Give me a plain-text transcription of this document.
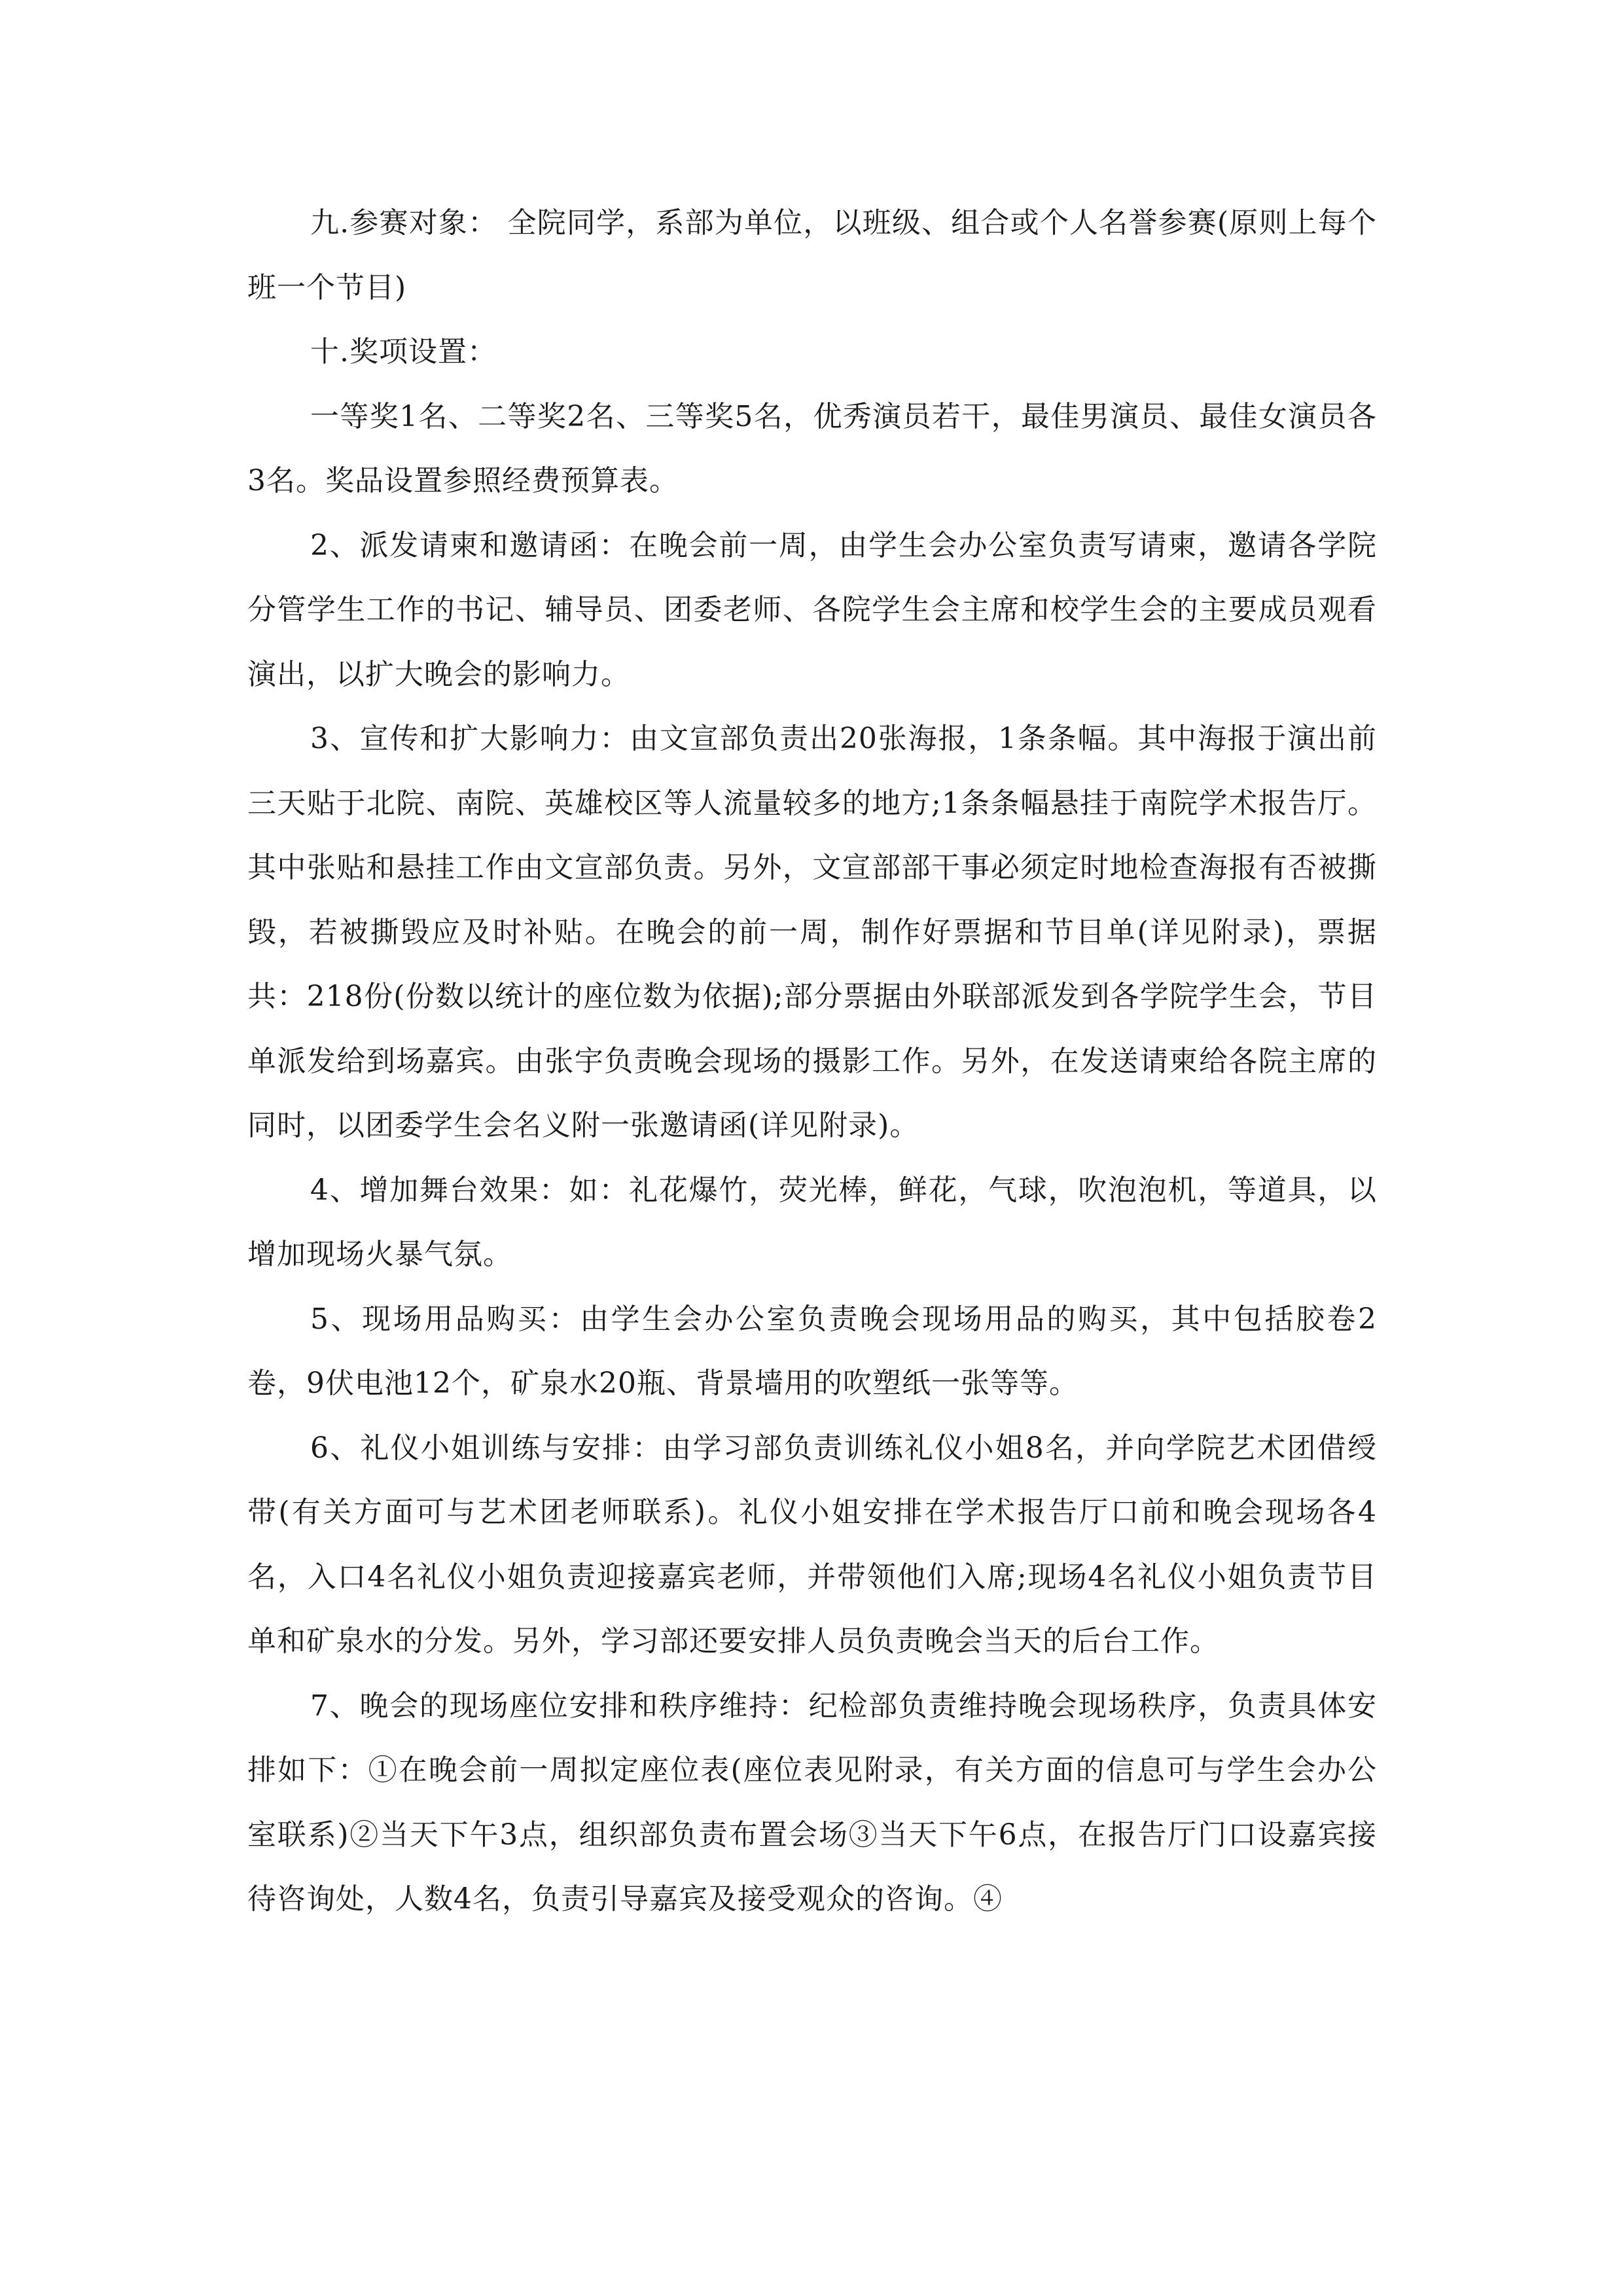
九.参赛对象： 全院同学，系部为单位，以班级、组合或个人名誉参赛(原则上每个班一个节目)

十.奖项设置：

一等奖1名、二等奖2名、三等奖5名，优秀演员若干，最佳男演员、最佳女演员各3名。奖品设置参照经费预算表。

2、派发请柬和邀请函：在晚会前一周，由学生会办公室负责写请柬，邀请各学院分管学生工作的书记、辅导员、团委老师、各院学生会主席和校学生会的主要成员观看演出，以扩大晚会的影响力。

3、宣传和扩大影响力：由文宣部负责出20张海报，1条条幅。其中海报于演出前三天贴于北院、南院、英雄校区等人流量较多的地方;1条条幅悬挂于南院学术报告厅。其中张贴和悬挂工作由文宣部负责。另外，文宣部部干事必须定时地检查海报有否被撕毁，若被撕毁应及时补贴。在晚会的前一周，制作好票据和节目单(详见附录)，票据共：218份(份数以统计的座位数为依据);部分票据由外联部派发到各学院学生会，节目单派发给到场嘉宾。由张宇负责晚会现场的摄影工作。另外，在发送请柬给各院主席的同时，以团委学生会名义附一张邀请函(详见附录)。

4、增加舞台效果：如：礼花爆竹，荧光棒，鲜花，气球，吹泡泡机，等道具，以增加现场火暴气氛。

5、现场用品购买：由学生会办公室负责晚会现场用品的购买，其中包括胶卷2卷，9伏电池12个，矿泉水20瓶、背景墙用的吹塑纸一张等等。

6、礼仪小姐训练与安排：由学习部负责训练礼仪小姐8名，并向学院艺术团借绶带(有关方面可与艺术团老师联系)。礼仪小姐安排在学术报告厅口前和晚会现场各4名，入口4名礼仪小姐负责迎接嘉宾老师，并带领他们入席;现场4名礼仪小姐负责节目单和矿泉水的分发。另外，学习部还要安排人员负责晚会当天的后台工作。

7、晚会的现场座位安排和秩序维持：纪检部负责维持晚会现场秩序，负责具体安排如下：①在晚会前一周拟定座位表(座位表见附录，有关方面的信息可与学生会办公室联系)②当天下午3点，组织部负责布置会场③当天下午6点，在报告厅门口设嘉宾接待咨询处，人数4名，负责引导嘉宾及接受观众的咨询。④
